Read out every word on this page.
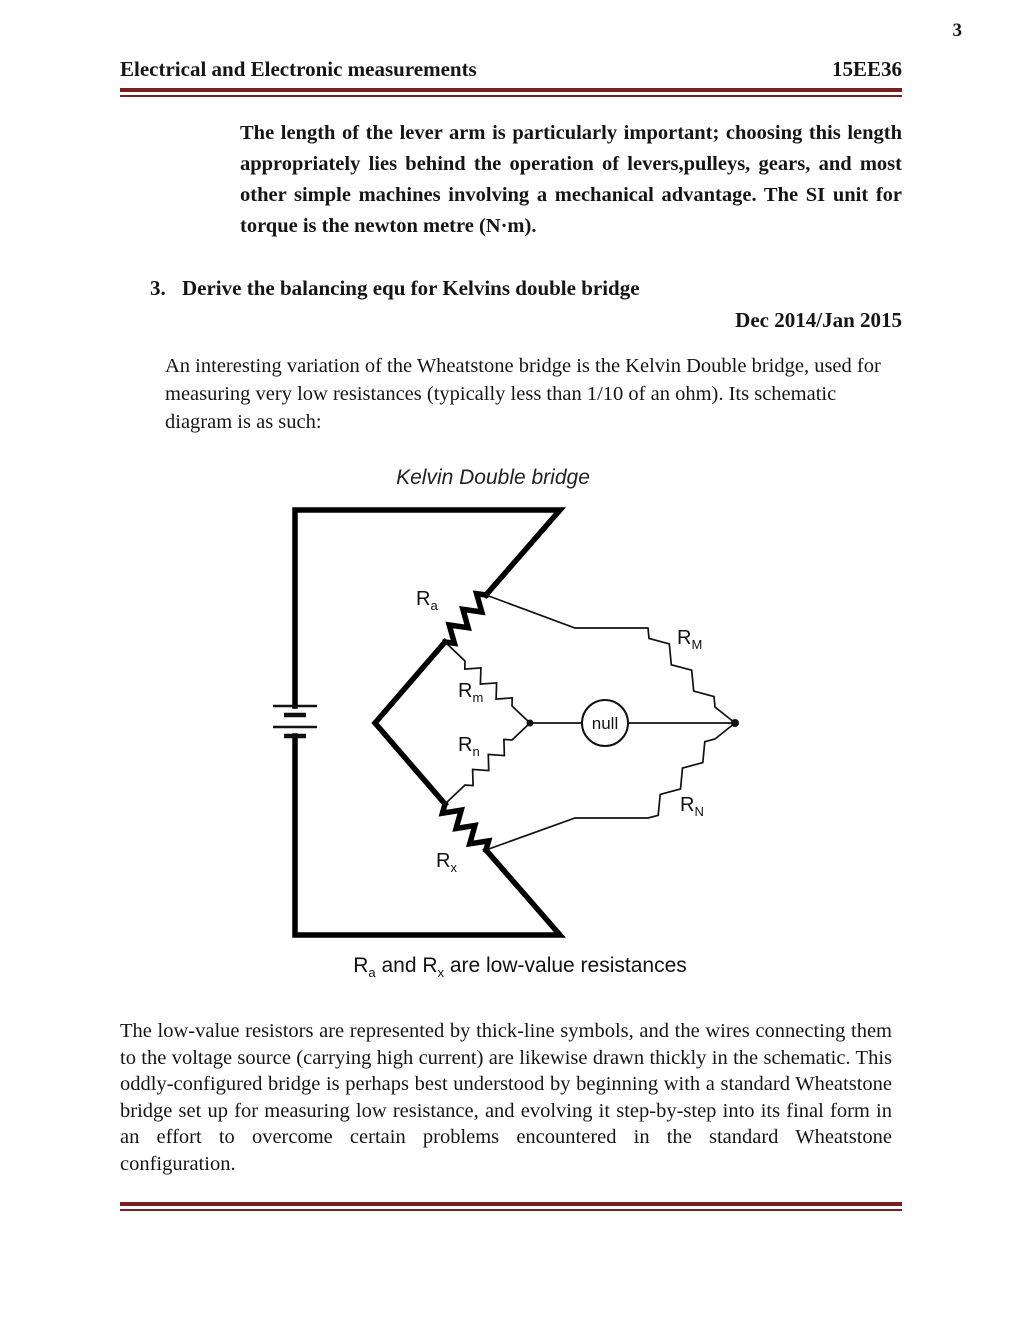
3
Electrical and Electronic measurements	15EE36

The length of the lever arm is particularly important; choosing this length appropriately lies behind the operation of levers,pulleys, gears, and most other simple machines involving a mechanical advantage. The SI unit for torque is the newton metre (N·m).

3. Derive the balancing equ for Kelvins double bridge
Dec 2014/Jan 2015

An interesting variation of the Wheatstone bridge is the Kelvin Double bridge, used for measuring very low resistances (typically less than 1/10 of an ohm). Its schematic diagram is as such:

Kelvin Double bridge
null
$R_a$
$R_m$
$R_n$
$R_x$
$R_M$
$R_N$
$R_a$ and $R_x$ are low-value resistances

The low-value resistors are represented by thick-line symbols, and the wires connecting them to the voltage source (carrying high current) are likewise drawn thickly in the schematic. This oddly-configured bridge is perhaps best understood by beginning with a standard Wheatstone bridge set up for measuring low resistance, and evolving it step-by-step into its final form in an effort to overcome certain problems encountered in the standard Wheatstone configuration.
